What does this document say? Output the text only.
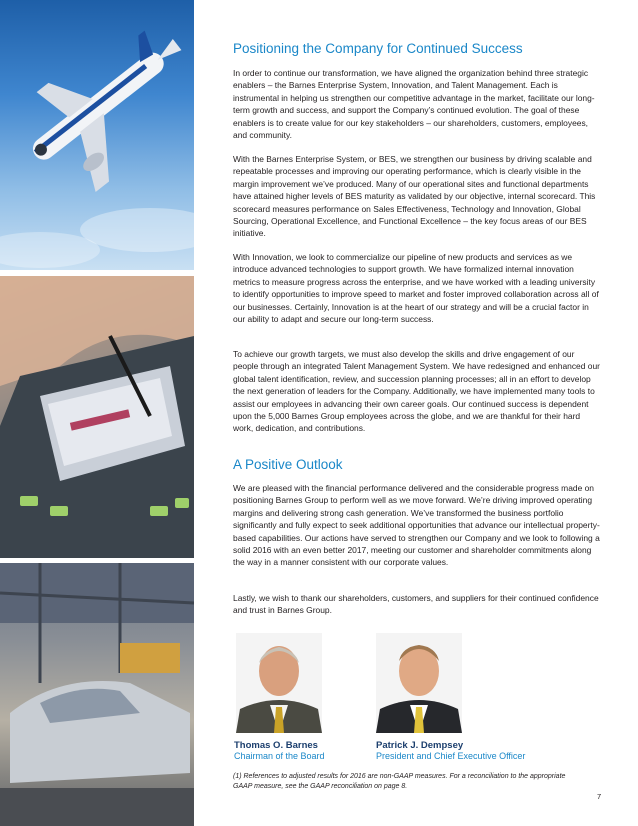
Positioning the Company for Continued Success

In order to continue our transformation, we have aligned the organization behind three strategic enablers – the Barnes Enterprise System, Innovation, and Talent Management. Each is instrumental in helping us strengthen our competitive advantage in the market, facilitate our long-term growth and success, and support the Company’s continued evolution. The goal of these enablers is to create value for our key stakeholders – our shareholders, customers, employees, and community.

With the Barnes Enterprise System, or BES, we strengthen our business by driving scalable and repeatable processes and improving our operating performance, which is clearly visible in the margin improvement we’ve produced. Many of our operational sites and functional departments have attained higher levels of BES maturity as validated by our objective, internal scorecard. This scorecard measures performance on Sales Effectiveness, Technology and Innovation, Global Sourcing, Operational Excellence, and Functional Excellence – the key focus areas of our BES initiative.

With Innovation, we look to commercialize our pipeline of new products and services as we introduce advanced technologies to support growth. We have formalized internal innovation metrics to measure progress across the enterprise, and we have worked with a leading university to identify opportunities to improve speed to market and foster improved collaboration across all of our businesses. Certainly, Innovation is at the heart of our strategy and will be a crucial factor in our ability to adapt and secure our long-term success.

To achieve our growth targets, we must also develop the skills and drive engagement of our people through an integrated Talent Management System. We have redesigned and enhanced our global talent identification, review, and succession planning processes; all in an effort to develop the next generation of leaders for the Company. Additionally, we have implemented many tools to assist our employees in advancing their own career goals. Our continued success is dependent upon the 5,000 Barnes Group employees across the globe, and we are thankful for their hard work, dedication, and contributions.

A Positive Outlook

We are pleased with the financial performance delivered and the considerable progress made on positioning Barnes Group to perform well as we move forward. We’re driving improved operating margins and delivering strong cash generation. We’ve transformed the business portfolio significantly and fully expect to seek additional opportunities that advance our intellectual property-based capabilities. Our actions have served to strengthen our Company and we look to following a solid 2016 with an even better 2017, meeting our customer and shareholder commitments along the way in a manner consistent with our corporate values.

Lastly, we wish to thank our shareholders, customers, and suppliers for their continued confidence and trust in Barnes Group.

Thomas O. Barnes
Chairman of the Board
Patrick J. Dempsey
President and Chief Executive Officer
(1) References to adjusted results for 2016 are non-GAAP measures. For a reconciliation to the appropriate GAAP measure, see the GAAP reconciliation on page 8.
7
